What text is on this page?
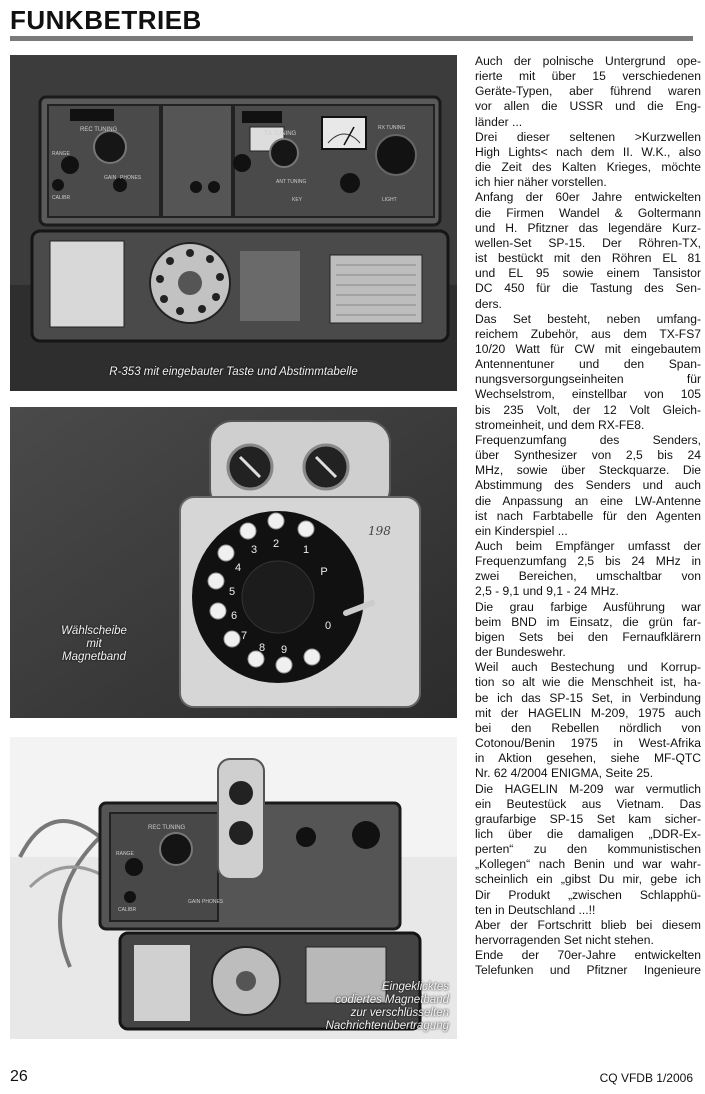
FUNKBETRIEB
REC TUNING
RANGE
CALIBR
GAIN PHONES
TX TUNING
ANT TUNING
KEY
RX TUNING
LIGHT
R-353 mit eingebauter Taste und Abstimmtabelle
1
2
3
4
5
6
7
8 9
0
P
198
Wählscheibe
mit
Magnetband
REC TUNING
RANGE
CALIBR
GAIN PHONES
Eingeklicktes
codiertes Magnetband
zur verschlüsselten
Nachrichtenübertragung

Auch der polnische Untergrund ope-

rierte mit über 15 verschiedenen

Geräte-Typen, aber führend waren

vor allen die USSR und die Eng-

länder ...

Drei dieser seltenen >Kurzwellen

High Lights< nach dem II. W.K., also

die Zeit des Kalten Krieges, möchte

ich hier näher vorstellen.

Anfang der 60er Jahre entwickelten

die Firmen Wandel & Goltermann

und H. Pfitzner das legendäre Kurz-

wellen-Set SP-15. Der Röhren-TX,

ist bestückt mit den Röhren EL 81

und EL 95 sowie einem Tansistor

DC 450 für die Tastung des Sen-

ders.

Das Set besteht, neben umfang-

reichem Zubehör, aus dem TX-FS7

10/20 Watt für CW mit eingebautem

Antennentuner und den Span-

nungsversorgungseinheiten für

Wechselstrom, einstellbar von 105

bis 235 Volt, der 12 Volt Gleich-

stromeinheit, und dem RX-FE8.

Frequenzumfang des Senders,

über Synthesizer von 2,5 bis 24

MHz, sowie über Steckquarze. Die

Abstimmung des Senders und auch

die Anpassung an eine LW-Antenne

ist nach Farbtabelle für den Agenten

ein Kinderspiel ...

Auch beim Empfänger umfasst der

Frequenzumfang 2,5 bis 24 MHz in

zwei Bereichen, umschaltbar von

2,5 - 9,1 und 9,1 - 24 MHz.

Die grau farbige Ausführung war

beim BND im Einsatz, die grün far-

bigen Sets bei den Fernaufklärern

der Bundeswehr.

Weil auch Bestechung und Korrup-

tion so alt wie die Menschheit ist, ha-

be ich das SP-15 Set, in Verbindung

mit der HAGELIN M-209, 1975 auch

bei den Rebellen nördlich von

Cotonou/Benin 1975 in West-Afrika

in Aktion gesehen, siehe MF-QTC

Nr. 62 4/2004 ENIGMA, Seite 25.

Die HAGELIN M-209 war vermutlich

ein Beutestück aus Vietnam. Das

graufarbige SP-15 Set kam sicher-

lich über die damaligen „DDR-Ex-

perten“ zu den kommunistischen

„Kollegen“ nach Benin und war wahr-

scheinlich ein „gibst Du mir, gebe ich

Dir Produkt „zwischen Schlapphü-

ten in Deutschland ...!!

Aber der Fortschritt blieb bei diesem

hervorragenden Set nicht stehen.

Ende der 70er-Jahre entwickelten

Telefunken und Pfitzner Ingenieure

26	CQ VFDB 1/2006
